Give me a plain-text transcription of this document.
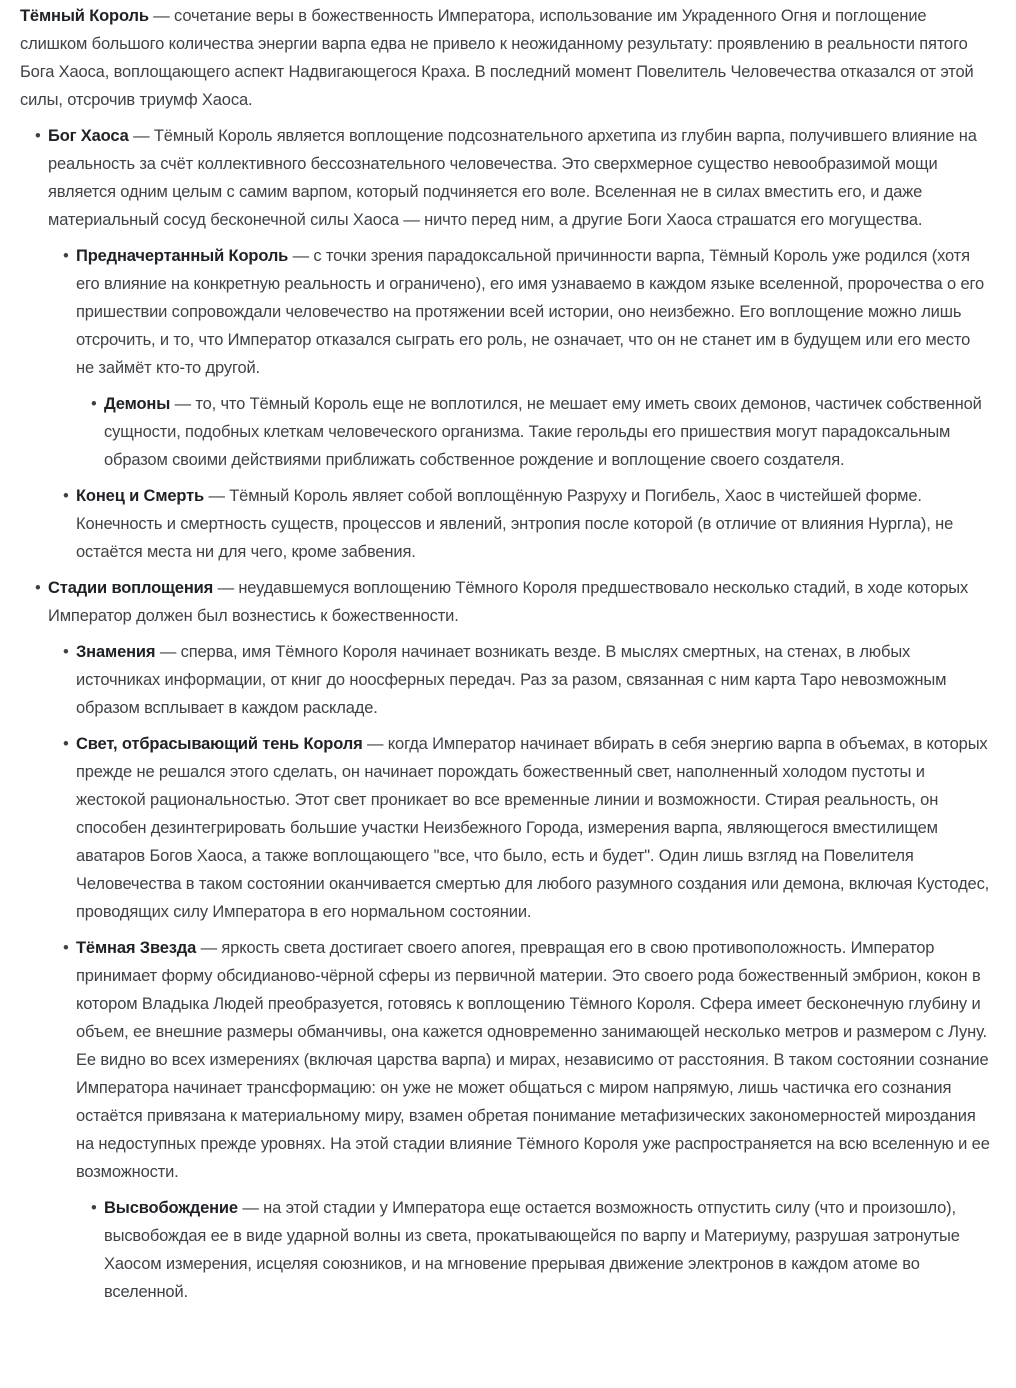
Тёмный Король — сочетание веры в божественность Императора, использование им Украденного Огня и поглощение слишком большого количества энергии варпа едва не привело к неожиданному результату: проявлению в реальности пятого Бога Хаоса, воплощающего аспект Надвигающегося Краха. В последний момент Повелитель Человечества отказался от этой силы, отсрочив триумф Хаоса.

• Бог Хаоса — Тёмный Король является воплощение подсознательного архетипа из глубин варпа, получившего влияние на реальность за счёт коллективного бессознательного человечества. Это сверхмерное существо невообразимой мощи является одним целым с самим варпом, который подчиняется его воле. Вселенная не в силах вместить его, и даже материальный сосуд бесконечной силы Хаоса — ничто перед ним, а другие Боги Хаоса страшатся его могущества.
• Предначертанный Король — с точки зрения парадоксальной причинности варпа, Тёмный Король уже родился (хотя его влияние на конкретную реальность и ограничено), его имя узнаваемо в каждом языке вселенной, пророчества о его пришествии сопровождали человечество на протяжении всей истории, оно неизбежно. Его воплощение можно лишь отсрочить, и то, что Император отказался сыграть его роль, не означает, что он не станет им в будущем или его место не займёт кто-то другой.
• Демоны — то, что Тёмный Король еще не воплотился, не мешает ему иметь своих демонов, частичек собственной сущности, подобных клеткам человеческого организма. Такие герольды его пришествия могут парадоксальным образом своими действиями приближать собственное рождение и воплощение своего создателя.
• Конец и Смерть — Тёмный Король являет собой воплощённую Разруху и Погибель, Хаос в чистейшей форме. Конечность и смертность существ, процессов и явлений, энтропия после которой (в отличие от влияния Нургла), не остаётся места ни для чего, кроме забвения.
• Стадии воплощения — неудавшемуся воплощению Тёмного Короля предшествовало несколько стадий, в ходе которых Император должен был вознестись к божественности.
• Знамения — сперва, имя Тёмного Короля начинает возникать везде. В мыслях смертных, на стенах, в любых источниках информации, от книг до ноосферных передач. Раз за разом, связанная с ним карта Таро невозможным образом всплывает в каждом раскладе.
• Свет, отбрасывающий тень Короля — когда Император начинает вбирать в себя энергию варпа в объемах, в которых прежде не решался этого сделать, он начинает порождать божественный свет, наполненный холодом пустоты и жестокой рациональностью. Этот свет проникает во все временные линии и возможности. Стирая реальность, он способен дезинтегрировать большие участки Неизбежного Города, измерения варпа, являющегося вместилищем аватаров Богов Хаоса, а также воплощающего "все, что было, есть и будет". Один лишь взгляд на Повелителя Человечества в таком состоянии оканчивается смертью для любого разумного создания или демона, включая Кустодес, проводящих силу Императора в его нормальном состоянии.
• Тёмная Звезда — яркость света достигает своего апогея, превращая его в свою противоположность. Император принимает форму обсидианово-чёрной сферы из первичной материи. Это своего рода божественный эмбрион, кокон в котором Владыка Людей преобразуется, готовясь к воплощению Тёмного Короля. Сфера имеет бесконечную глубину и объем, ее внешние размеры обманчивы, она кажется одновременно занимающей несколько метров и размером с Луну. Ее видно во всех измерениях (включая царства варпа) и мирах, независимо от расстояния. В таком состоянии сознание Императора начинает трансформацию: он уже не может общаться с миром напрямую, лишь частичка его сознания остаётся привязана к материальному миру, взамен обретая понимание метафизических закономерностей мироздания на недоступных прежде уровнях. На этой стадии влияние Тёмного Короля уже распространяется на всю вселенную и ее возможности.
• Высвобождение — на этой стадии у Императора еще остается возможность отпустить силу (что и произошло), высвобождая ее в виде ударной волны из света, прокатывающейся по варпу и Материуму, разрушая затронутые Хаосом измерения, исцеляя союзников, и на мгновение прерывая движение электронов в каждом атоме во вселенной.
